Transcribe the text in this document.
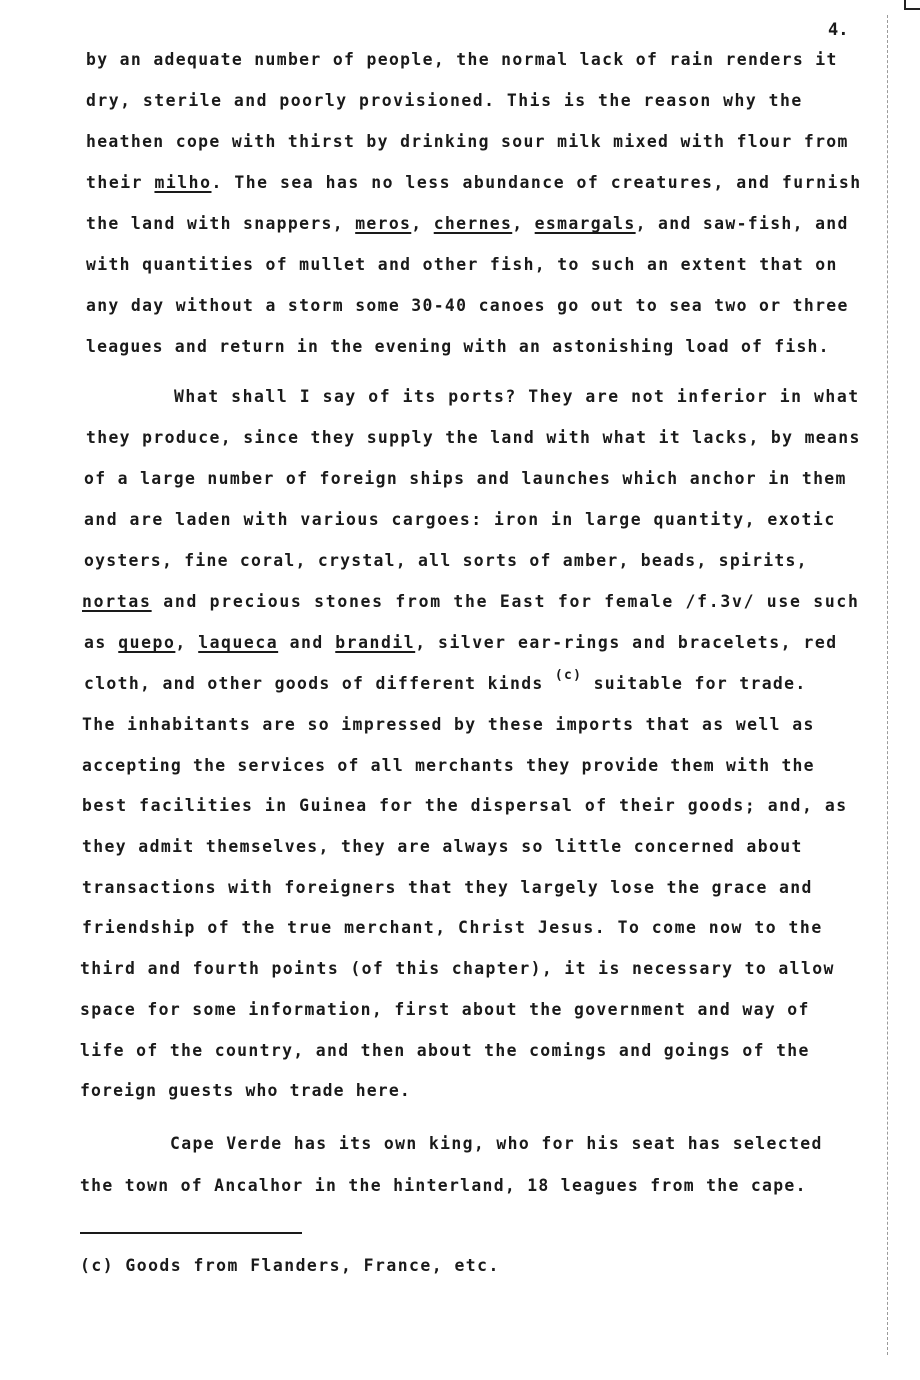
4.
by an adequate number of people, the normal lack of rain renders it
dry, sterile and poorly provisioned. This is the reason why the
heathen cope with thirst by drinking sour milk mixed with flour from
their milho. The sea has no less abundance of creatures, and furnish
the land with snappers, meros, chernes, esmargals, and saw-fish, and
with quantities of mullet and other fish, to such an extent that on
any day without a storm some 30-40 canoes go out to sea two or three
leagues and return in the evening with an astonishing load of fish.
What shall I say of its ports? They are not inferior in what
they produce, since they supply the land with what it lacks, by means
of a large number of foreign ships and launches which anchor in them
and are laden with various cargoes: iron in large quantity, exotic
oysters, fine coral, crystal, all sorts of amber, beads, spirits,
nortas and precious stones from the East for female /f.3v/ use such
as quepo, laqueca and brandil, silver ear-rings and bracelets, red
cloth, and other goods of different kinds $^{(c)}$ suitable for trade.
The inhabitants are so impressed by these imports that as well as
accepting the services of all merchants they provide them with the
best facilities in Guinea for the dispersal of their goods; and, as
they admit themselves, they are always so little concerned about
transactions with foreigners that they largely lose the grace and
friendship of the true merchant, Christ Jesus. To come now to the
third and fourth points (of this chapter), it is necessary to allow
space for some information, first about the government and way of
life of the country, and then about the comings and goings of the
foreign guests who trade here.
Cape Verde has its own king, who for his seat has selected
the town of Ancalhor in the hinterland, 18 leagues from the cape.
(c) Goods from Flanders, France, etc.
